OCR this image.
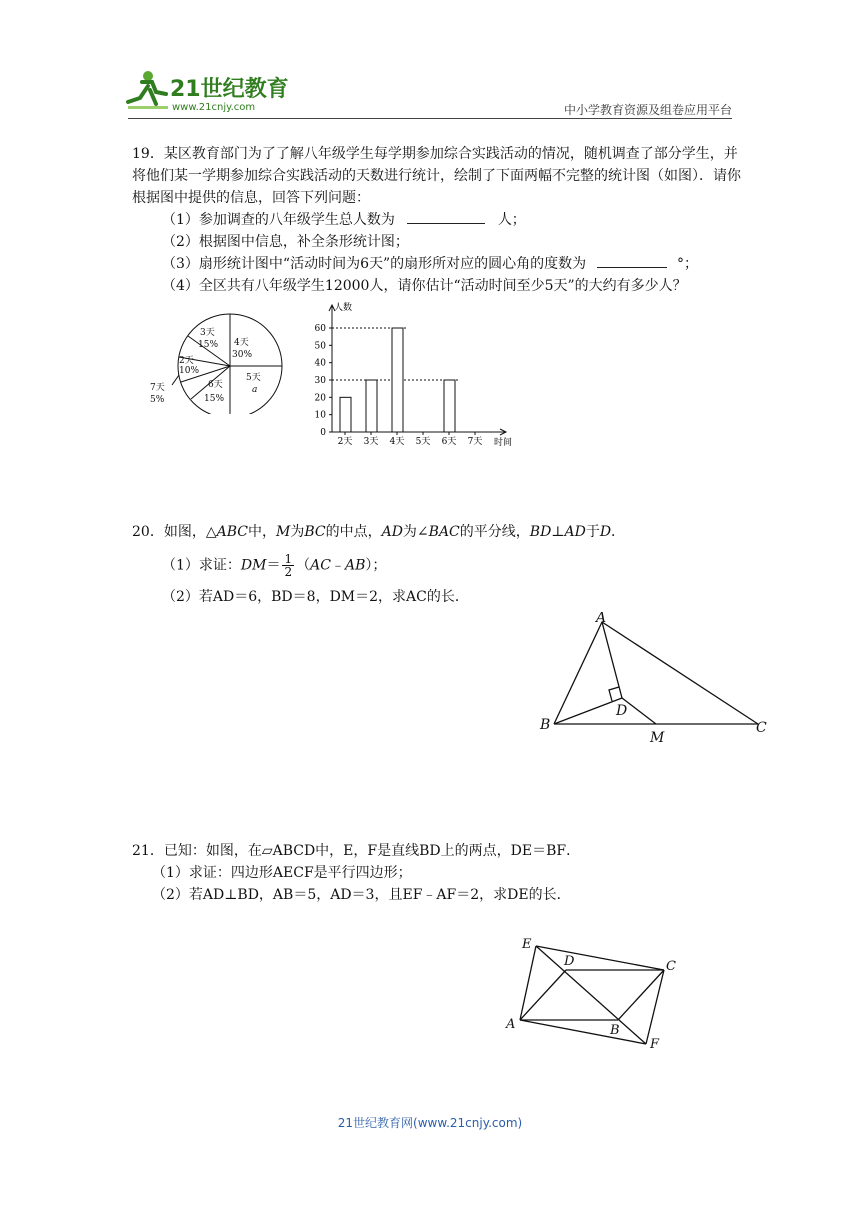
21世纪教育
www.21cnjy.com	中小学教育资源及组卷应用平台
19．某区教育部门为了了解八年级学生每学期参加综合实践活动的情况，随机调查了部分学生，并将他们某一学期参加综合实践活动的天数进行统计，绘制了下面两幅不完整的统计图（如图）．请你根据图中提供的信息，回答下列问题：
（1）参加调查的八年级学生总人数为	人；
（2）根据图中信息，补全条形统计图；
（3）扇形统计图中“活动时间为6天”的扇形所对应的圆心角的度数为	°；
（4）全区共有八年级学生12000人，请你估计“活动时间至少5天”的大约有多少人？
3天
15% 4天
30%
2天
10%
5天
a
6天
15%
7天
5%
人数
时间
0
10
20
30
40
50
60
2天 3天 4天 5天 6天 7天
20．如图，△ABC中，M为BC的中点，AD为∠BAC的平分线，BD⊥AD于D．
（1）求证：$DM= \frac{1}{2}$ （AC﹣AB）；
（2）若AD＝6，BD＝8，DM＝2，求AC的长．
A
B	C
D
M
21．已知：如图，在▱ABCD中，E，F是直线BD上的两点，DE＝BF．
（1）求证：四边形AECF是平行四边形；
（2）若AD⊥BD，AB＝5，AD＝3，且EF﹣AF＝2，求DE的长．
E
D	C
A	B
F
21世纪教育网(www.21cnjy.com)
